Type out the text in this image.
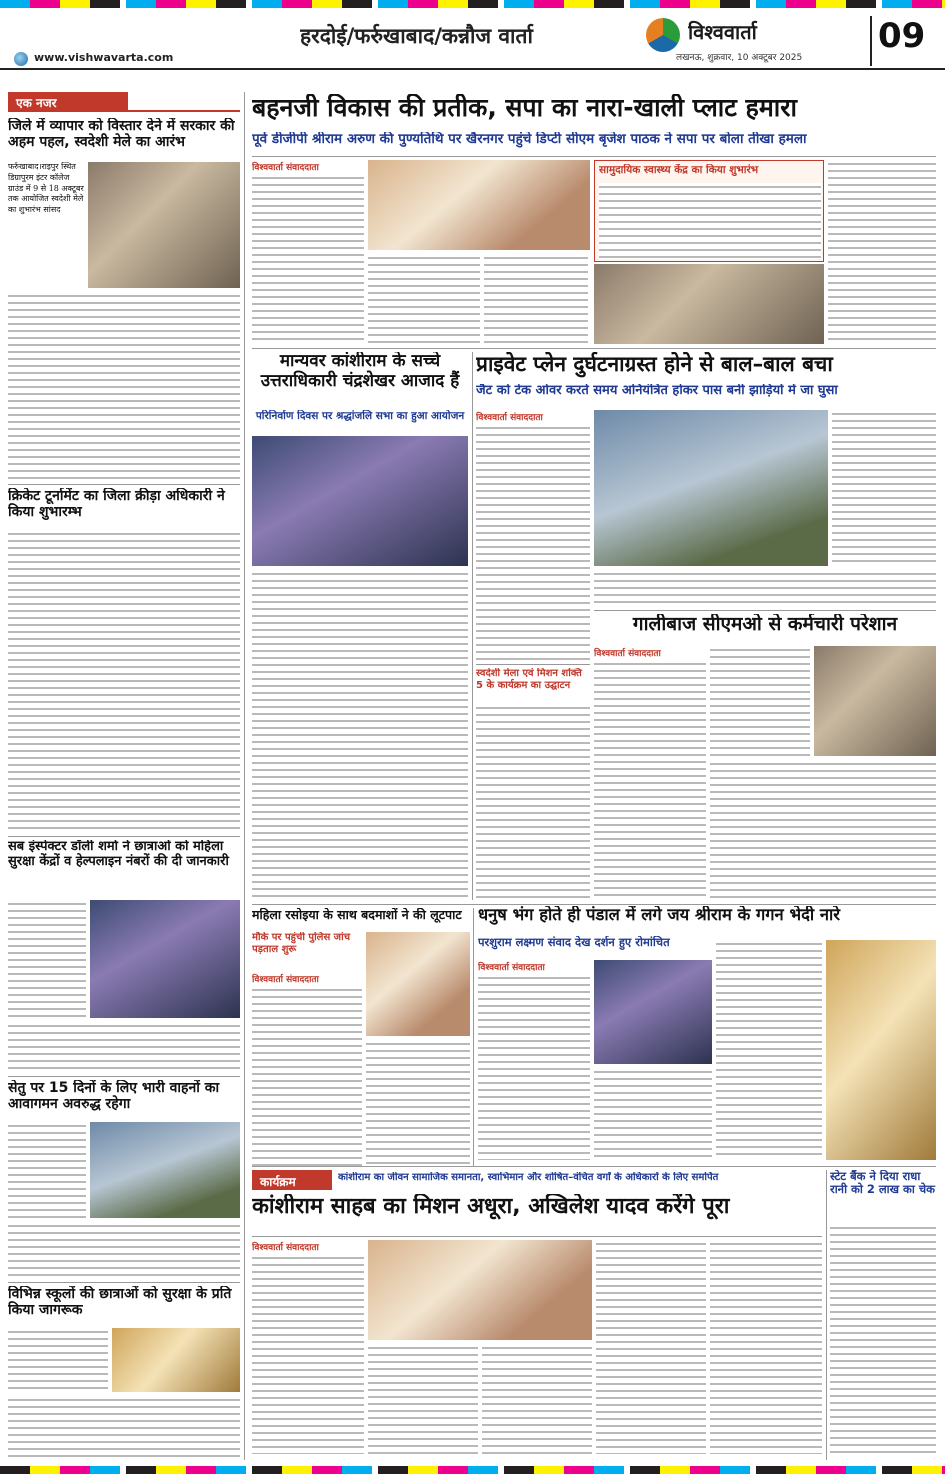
हरदोई/फर्रुखाबाद/कन्नौज वार्ता
www.vishwavarta.com
विश्ववार्ता
लखनऊ, शुक्रवार, 10 अक्टूबर 2025
09
एक नजर
जिले में व्यापार को विस्तार देने में सरकार की अहम पहल, स्वदेशी मेले का आरंभ
फर्रुखाबाद।राइपुर स्थित डिग्रापुरम इंटर कॉलेज ग्राउंड में 9 से 18 अक्टूबर तक आयोजित स्वदेशी मेले का शुभारंभ सांसद
क्रिकेट टूर्नामेंट का जिला क्रीड़ा अधिकारी ने किया शुभारम्भ
सब इंस्पेक्टर डॉली शर्मा ने छात्राओं को महिला सुरक्षा केंद्रों व हेल्पलाइन नंबरों की दी जानकारी
सेतु पर 15 दिनों के लिए भारी वाहनों का आवागमन अवरुद्ध रहेगा
विभिन्न स्कूलों की छात्राओं को सुरक्षा के प्रति किया जागरूक
बहनजी विकास की प्रतीक, सपा का नारा-खाली प्लाट हमारा
पूर्व डीजीपी श्रीराम अरुण की पुण्यतिथि पर खैरनगर पहुंचे डिप्टी सीएम बृजेश पाठक ने सपा पर बोला तीखा हमला
विश्ववार्ता संवाददाता	सामुदायिक स्वास्थ्य केंद्र का किया शुभारंभ
मान्यवर कांशीराम के सच्चे उत्तराधिकारी चंद्रशेखर आजाद हैं
परिनिर्वाण दिवस पर श्रद्धांजलि सभा का हुआ आयोजन
प्राइवेट प्लेन दुर्घटनाग्रस्त होने से बाल–बाल बचा
जैट को टेक ओवर करते समय अनियंत्रित होकर पास बनी झाड़ियों में जा घुसा
विश्ववार्ता संवाददाता
स्वदेशी मेला एवं मिशन शक्ति 5 के कार्यक्रम का उद्घाटन
गालीबाज सीएमओ से कर्मचारी परेशान
विश्ववार्ता संवाददाता
महिला रसोइया के साथ बदमाशों ने की लूटपाट
मौके पर पहुंची पुलिस जांच पड़ताल शुरू
विश्ववार्ता संवाददाता
धनुष भंग होते ही पंडाल में लगे जय श्रीराम के गगन भेदी नारे
परशुराम लक्ष्मण संवाद देख दर्शन हुए रोमांचित
विश्ववार्ता संवाददाता
कार्यक्रम	कांशीराम का जीवन सामाजिक समानता, स्वाभिमान और शोषित–वंचित वर्गों के अधिकारों के लिए समर्पित
कांशीराम साहब का मिशन अधूरा, अखिलेश यादव करेंगे पूरा
विश्ववार्ता संवाददाता
स्टेट बैंक ने दिया राधा रानी को 2 लाख का चेक
